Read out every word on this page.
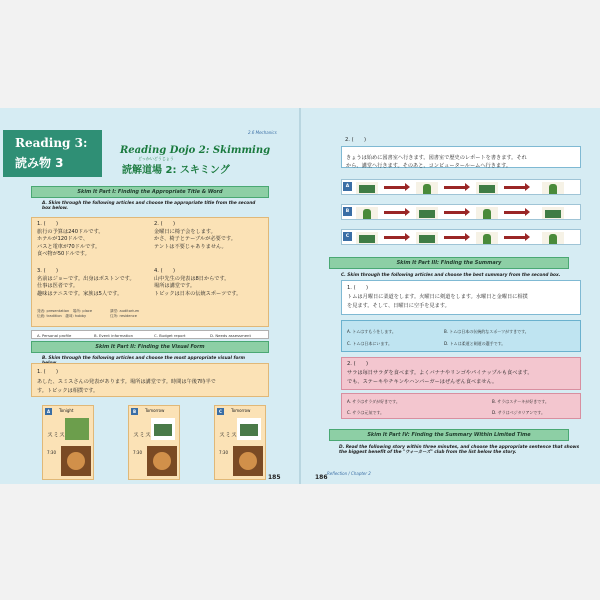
Reading 3:
読み物 3
2.6 Mechanics
Reading Dojo 2: Skimming
どっかいどうじょう
読解道場 2: スキミング
Skim It Part I: Finding the Appropriate Title & Word
A. Skim through the following articles and choose the appropriate title from the second box below.
1. (　　)
旅行の予算は240ドルです。
ホテルが120ドルで、
バスと電車が70ドルです。
食べ物が50ドルです。
2. (　　)
金曜日に椅子会をします。
かさ、椅子とテーブルが必要です。
テントは不要じゃありません。
3. (　　)
名前はジョーです。出身はボストンです。
仕事は医者です。
趣味はテニスです。家族は5人です。
4. (　　)
山中先生の発表は8日からです。
場所は講堂です。
トピックは日本の伝統スポーツです。
発表: presentation　場所: place
伝統: tradition　趣味: hobby
講堂: auditorium
住所: residence
A. Personal profile	B. Event information	C. Budget report	D. Needs assessment
Skim It Part II: Finding the Visual Form
B. Skim through the following articles and choose the most appropriate visual form
1. (　　)
あした、スミスさんの発表があります。場所は講堂です。時間は午後7時半で
す。トピックは相撲です。
A	Tonight
スミス
7:30
B	Tomorrow
スミス
7:30
C	Tomorrow
スミス
7:30
185
2. (　　)
きょうは始めに図書室へ行きます。図書室で歴史のレポートを書きます。それ
から、講堂へ行きます。そのあと、コンピュータールームへ行きます。
A
B
C
Skim It Part III: Finding the Summary
C. Skim through the following articles and choose the best summary from the second box.
1. (　　)
トムは月曜日に柔道をします。火曜日に剣道をします。水曜日と金曜日に相撲
を見ます。そして、日曜日に空手を見ます。
A. トムはすもうをします。	B. トムは日本の伝統的なスポーツがすきです。
C. トムは日本にいます。	D. トムは柔道と剣道の選手です。
2. (　　)
サラは毎日サラダを食べます。よくバナナやリンゴやパイナップルも食べます。
でも、ステーキやチキンやハンバーガーはぜんぜん食べません。
A. サラはサラダが好きです。	B. サラはステーキが好きです。
C. サラは元気です。	D. サラはベジタリアンです。
Skim It Part IV: Finding the Summary Within Limited Time
D. Read the following story within three minutes, and choose the appropriate sentence that shows the biggest benefit of the "ウォーカーズ" club from the list below the story.
186
Reflection / Chapter 2
